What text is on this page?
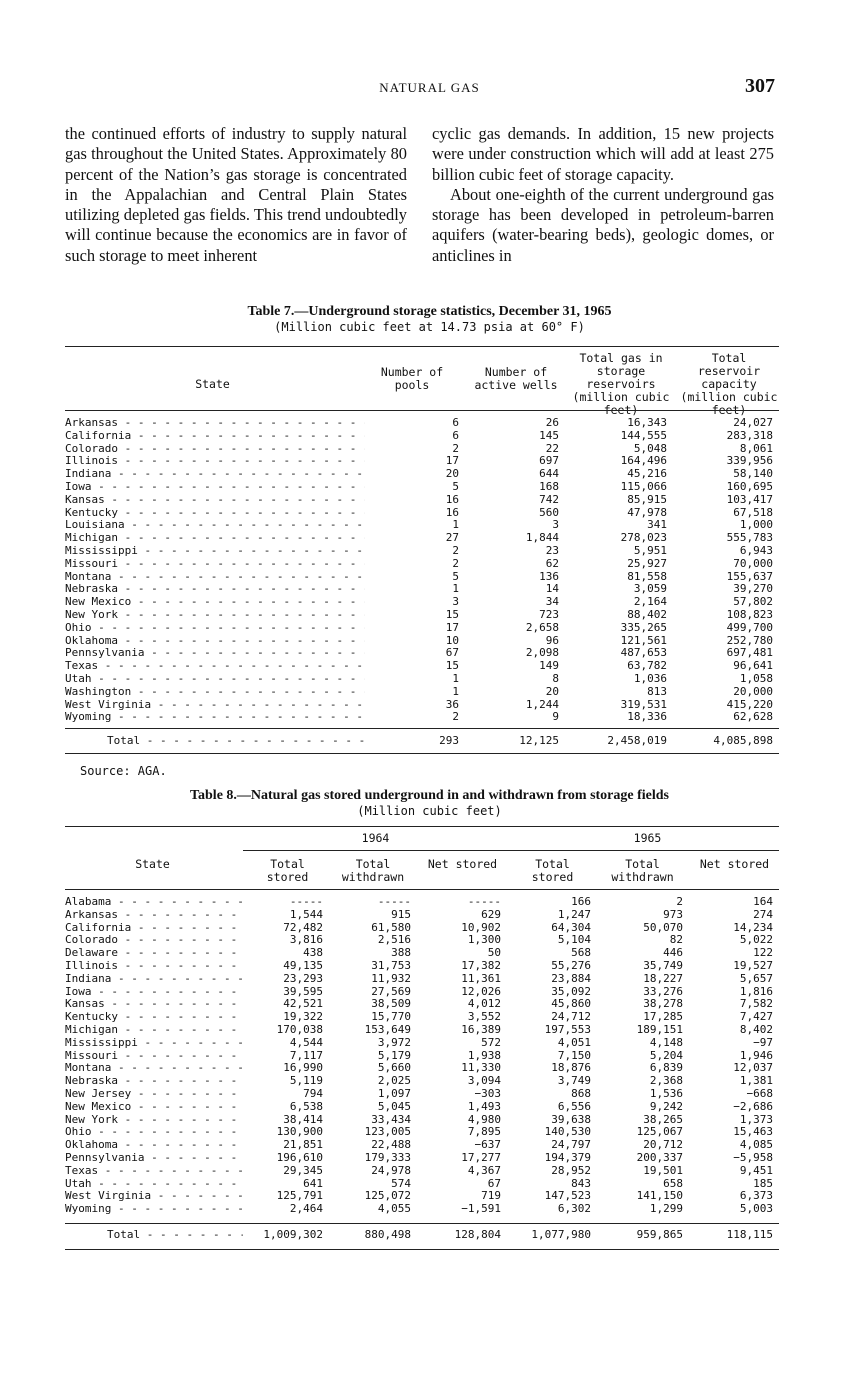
NATURAL GAS	307

the continued efforts of industry to supply natural gas throughout the United States. Approximately 80 percent of the Nation’s gas storage is concentrated in the Appalachian and Central Plain States utilizing depleted gas fields. This trend undoubtedly will continue because the economics are in favor of such storage to meet inherent

cyclic gas demands. In addition, 15 new projects were under construction which will add at least 275 billion cubic feet of storage capacity.

About one-eighth of the current underground gas storage has been developed in petroleum-barren aquifers (water-bearing beds), geologic domes, or anticlines in

Table 7.—Underground storage statistics, December 31, 1965
(Million cubic feet at 14.73 psia at 60° F)
State
Number of pools
Number of active wells
Total gas in storage reservoirs (million cubic feet)
Total reservoir capacity (million cubic feet)
Arkansas - - -	6	26	16,343	24,027

California - - -	6	145	144,555	283,318

Colorado - - -	2	22	5,048	8,061

Illinois - - -	17	697	164,496	339,956

Indiana - - -	20	644	45,216	58,140

Iowa - - -	5	168	115,066	160,695

Kansas - - -	16	742	85,915	103,417

Kentucky - - -	16	560	47,978	67,518

Louisiana - - -	1	3	341	1,000

Michigan - - -	27	1,844	278,023	555,783

Mississippi - - -	2	23	5,951	6,943

Missouri - - -	2	62	25,927	70,000

Montana - - -	5	136	81,558	155,637

Nebraska - - -	1	14	3,059	39,270

New Mexico - - -	3	34	2,164	57,802

New York - - -	15	723	88,402	108,823

Ohio - - -	17	2,658	335,265	499,700

Oklahoma - - -	10	96	121,561	252,780

Pennsylvania - - -	67	2,098	487,653	697,481

Texas - - -	15	149	63,782	96,641

Utah - - -	1	8	1,036	1,058

Washington - - -	1	20	813	20,000

West Virginia - - -	36	1,244	319,531	415,220

Wyoming - - -	2	9	18,336	62,628
Total - - -	293	12,125	2,458,019	4,085,898
Source: AGA.
Table 8.—Natural gas stored underground in and withdrawn from storage fields
(Million cubic feet)
State
1964	1965
Total stored
Total withdrawn
Net stored	Total stored
Total withdrawn
Net stored
Alabama - - -	-----	-----	-----	166	2	164

Arkansas - - -	1,544	915	629	1,247	973	274

California - - -	72,482	61,580	10,902	64,304	50,070	14,234

Colorado - - -	3,816	2,516	1,300	5,104	82	5,022

Delaware - - -	438	388	50	568	446	122

Illinois - - -	49,135	31,753	17,382	55,276	35,749	19,527

Indiana - - -	23,293	11,932	11,361	23,884	18,227	5,657

Iowa - - -	39,595	27,569	12,026	35,092	33,276	1,816

Kansas - - -	42,521	38,509	4,012	45,860	38,278	7,582

Kentucky - - -	19,322	15,770	3,552	24,712	17,285	7,427

Michigan - - -	170,038	153,649	16,389	197,553	189,151	8,402

Mississippi - - -	4,544	3,972	572	4,051	4,148	−97

Missouri - - -	7,117	5,179	1,938	7,150	5,204	1,946

Montana - - -	16,990	5,660	11,330	18,876	6,839	12,037

Nebraska - - -	5,119	2,025	3,094	3,749	2,368	1,381

New Jersey - - -	794	1,097	−303	868	1,536	−668

New Mexico - - -	6,538	5,045	1,493	6,556	9,242	−2,686

New York - - -	38,414	33,434	4,980	39,638	38,265	1,373

Ohio - - -	130,900	123,005	7,895	140,530	125,067	15,463

Oklahoma - - -	21,851	22,488	−637	24,797	20,712	4,085

Pennsylvania - - -	196,610	179,333	17,277	194,379	200,337	−5,958

Texas - - -	29,345	24,978	4,367	28,952	19,501	9,451

Utah - - -	641	574	67	843	658	185

West Virginia - - -	125,791	125,072	719	147,523	141,150	6,373

Wyoming - - -	2,464	4,055	−1,591	6,302	1,299	5,003
Total - - -	1,009,302	880,498	128,804	1,077,980	959,865	118,115
